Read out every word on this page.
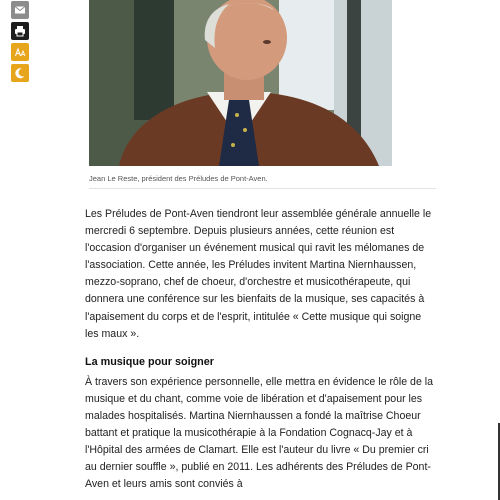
Jean Le Reste, président des Préludes de Pont-Aven.

Les Préludes de Pont-Aven tiendront leur assemblée générale annuelle le mercredi 6 septembre. Depuis plusieurs années, cette réunion est l'occasion d'organiser un événement musical qui ravit les mélomanes de l'association. Cette année, les Préludes invitent Martina Niernhaussen, mezzo-soprano, chef de choeur, d'orchestre et musicothérapeute, qui donnera une conférence sur les bienfaits de la musique, ses capacités à l'apaisement du corps et de l'esprit, intitulée « Cette musique qui soigne les maux ».

La musique pour soigner

À travers son expérience personnelle, elle mettra en évidence le rôle de la musique et du chant, comme voie de libération et d'apaisement pour les malades hospitalisés. Martina Niernhaussen a fondé la maîtrise Choeur battant et pratique la musicothérapie à la Fondation Cognacq-Jay et à l'Hôpital des armées de Clamart. Elle est l'auteur du livre « Du premier cri au dernier souffle », publié en 2011. Les adhérents des Préludes de Pont-Aven et leurs amis sont conviés à
